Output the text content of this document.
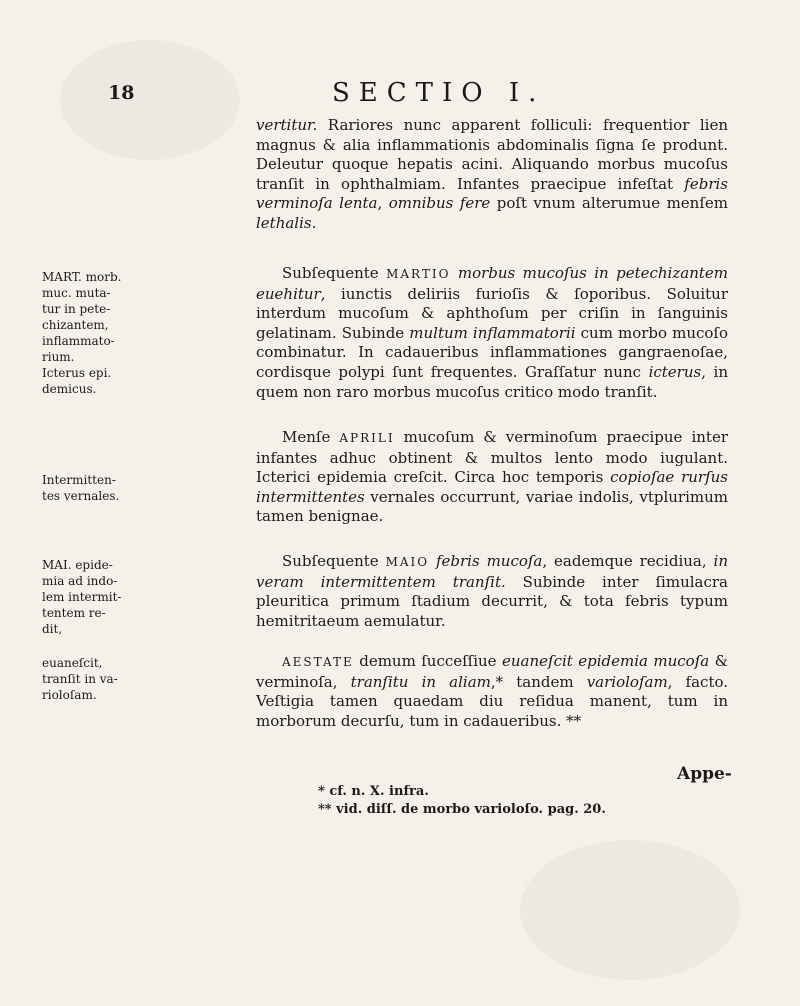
18	SECTIO I.

vertitur. Rariores nunc apparent folliculi: frequentior lien magnus & alia inflammationis abdominalis ſigna ſe produnt. Deleutur quoque hepatis acini. Aliquando morbus mucoſus tranſit in ophthalmiam. Infantes praecipue infeſtat febris verminoſa lenta, omnibus fere poſt vnum alterumue menſem lethalis.

Subſequente MARTIO morbus mucoſus in petechizantem euehitur, iunctis deliriis furioſis & ſoporibus. Soluitur interdum mucoſum & aphthoſum per criſin in ſanguinis gelatinam. Subinde multum inflammatorii cum morbo mucoſo combinatur. In cadaueribus inflammationes gangraenoſae, cordisque polypi ſunt frequentes. Graſſatur nunc icterus, in quem non raro morbus mucoſus critico modo tranſit.

Menſe APRILI mucoſum & verminoſum praecipue inter infantes adhuc obtinent & multos lento modo iugulant. Icterici epidemia creſcit. Circa hoc temporis copioſae rurſus intermittentes vernales occurrunt, variae indolis, vtplurimum tamen benignae.

Subſequente MAIO febris mucoſa, eademque recidiua, in veram intermittentem tranſit. Subinde inter ſimulacra pleuritica primum ſtadium decurrit, & tota febris typum hemitritaeum aemulatur.

AESTATE demum ſucceſſiue euaneſcit epidemia mucoſa & verminoſa, tranſitu in aliam,* tandem varioloſam, facto. Veſtigia tamen quaedam diu reſidua manent, tum in morborum decurſu, tum in cadaueribus. **

MART. morb.
muc. muta-
tur in pete-
chizantem,
inflammato-
rium.
Icterus epi.
demicus.
Intermitten-
tes vernales.
MAI. epide-
mia ad indo-
lem intermit-
tentem re-
dit,
euaneſcit,
tranſit in va-
rioloſam.
Appe-
* cf. n. X. infra.
** vid. diſſ. de morbo varioloſo. pag. 20.
